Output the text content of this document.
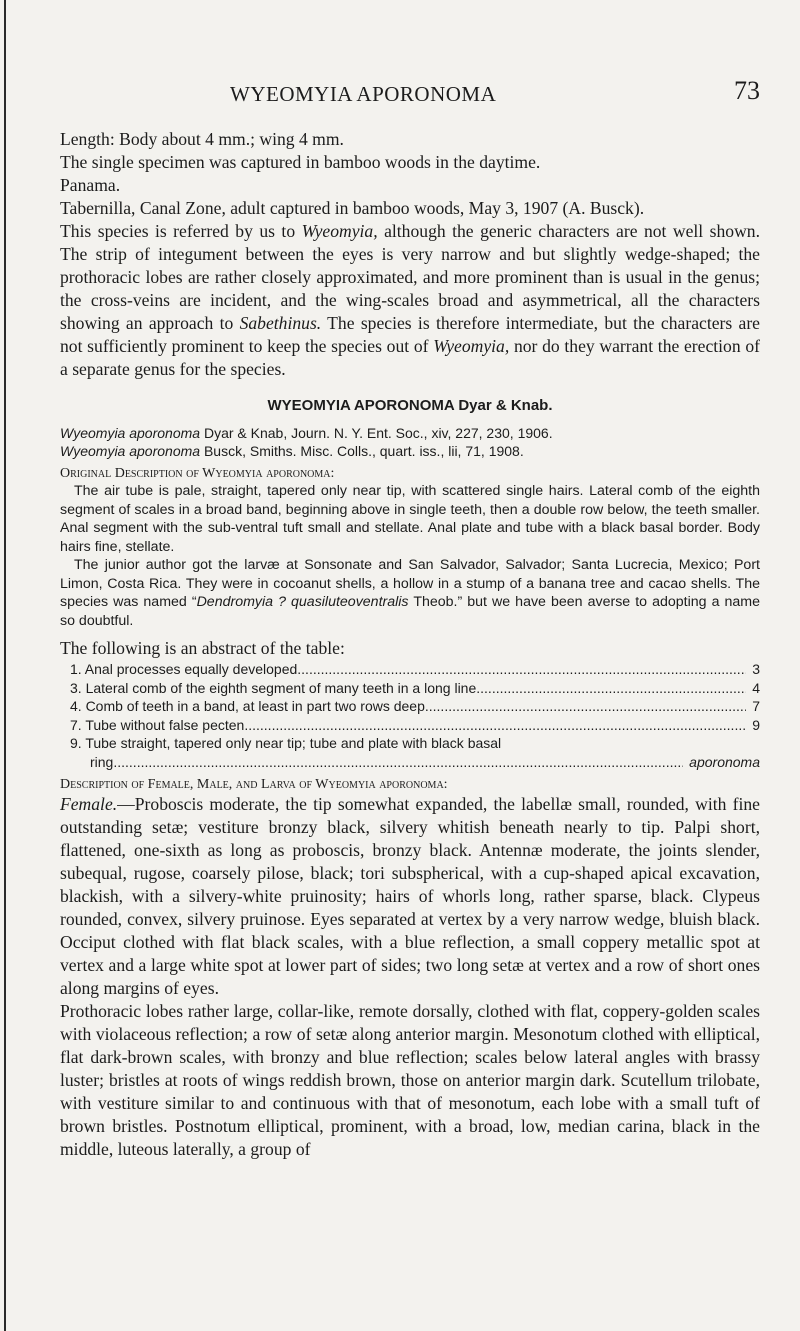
WYEOMYIA APORONOMA	73

Length: Body about 4 mm.; wing 4 mm.

The single specimen was captured in bamboo woods in the daytime.

Panama.

Tabernilla, Canal Zone, adult captured in bamboo woods, May 3, 1907 (A. Busck).

This species is referred by us to Wyeomyia, although the generic characters are not well shown. The strip of integument between the eyes is very narrow and but slightly wedge-shaped; the prothoracic lobes are rather closely approximated, and more prominent than is usual in the genus; the cross-veins are incident, and the wing-scales broad and asymmetrical, all the characters showing an approach to Sabethinus. The species is therefore intermediate, but the characters are not sufficiently prominent to keep the species out of Wyeomyia, nor do they warrant the erection of a separate genus for the species.

WYEOMYIA APORONOMA Dyar & Knab.
Wyeomyia aporonoma Dyar & Knab, Journ. N. Y. Ent. Soc., xiv, 227, 230, 1906.
Wyeomyia aporonoma Busck, Smiths. Misc. Colls., quart. iss., lii, 71, 1908.
Original Description of Wyeomyia aporonoma:

The air tube is pale, straight, tapered only near tip, with scattered single hairs. Lateral comb of the eighth segment of scales in a broad band, beginning above in single teeth, then a double row below, the teeth smaller. Anal segment with the sub-ventral tuft small and stellate. Anal plate and tube with a black basal border. Body hairs fine, stellate.

The junior author got the larvæ at Sonsonate and San Salvador, Salvador; Santa Lucrecia, Mexico; Port Limon, Costa Rica. They were in cocoanut shells, a hollow in a stump of a banana tree and cacao shells. The species was named “Dendromyia ? quasiluteoventralis Theob.” but we have been averse to adopting a name so doubtful.

The following is an abstract of the table:

1. Anal processes equally developed .....	3
3. Lateral comb of the eighth segment of many teeth in a long line .....	4
4. Comb of teeth in a band, at least in part two rows deep .....	7
7. Tube without false pecten .....	9
9. Tube straight, tapered only near tip; tube and plate with black basal
ring .....	aporonoma
Description of Female, Male, and Larva of Wyeomyia aporonoma:

Female.—Proboscis moderate, the tip somewhat expanded, the labellæ small, rounded, with fine outstanding setæ; vestiture bronzy black, silvery whitish beneath nearly to tip. Palpi short, flattened, one-sixth as long as proboscis, bronzy black. Antennæ moderate, the joints slender, subequal, rugose, coarsely pilose, black; tori subspherical, with a cup-shaped apical excavation, blackish, with a silvery-white pruinosity; hairs of whorls long, rather sparse, black. Clypeus rounded, convex, silvery pruinose. Eyes separated at vertex by a very narrow wedge, bluish black. Occiput clothed with flat black scales, with a blue reflection, a small coppery metallic spot at vertex and a large white spot at lower part of sides; two long setæ at vertex and a row of short ones along margins of eyes.

Prothoracic lobes rather large, collar-like, remote dorsally, clothed with flat, coppery-golden scales with violaceous reflection; a row of setæ along anterior margin. Mesonotum clothed with elliptical, flat dark-brown scales, with bronzy and blue reflection; scales below lateral angles with brassy luster; bristles at roots of wings reddish brown, those on anterior margin dark. Scutellum trilobate, with vestiture similar to and continuous with that of mesonotum, each lobe with a small tuft of brown bristles. Postnotum elliptical, prominent, with a broad, low, median carina, black in the middle, luteous laterally, a group of
